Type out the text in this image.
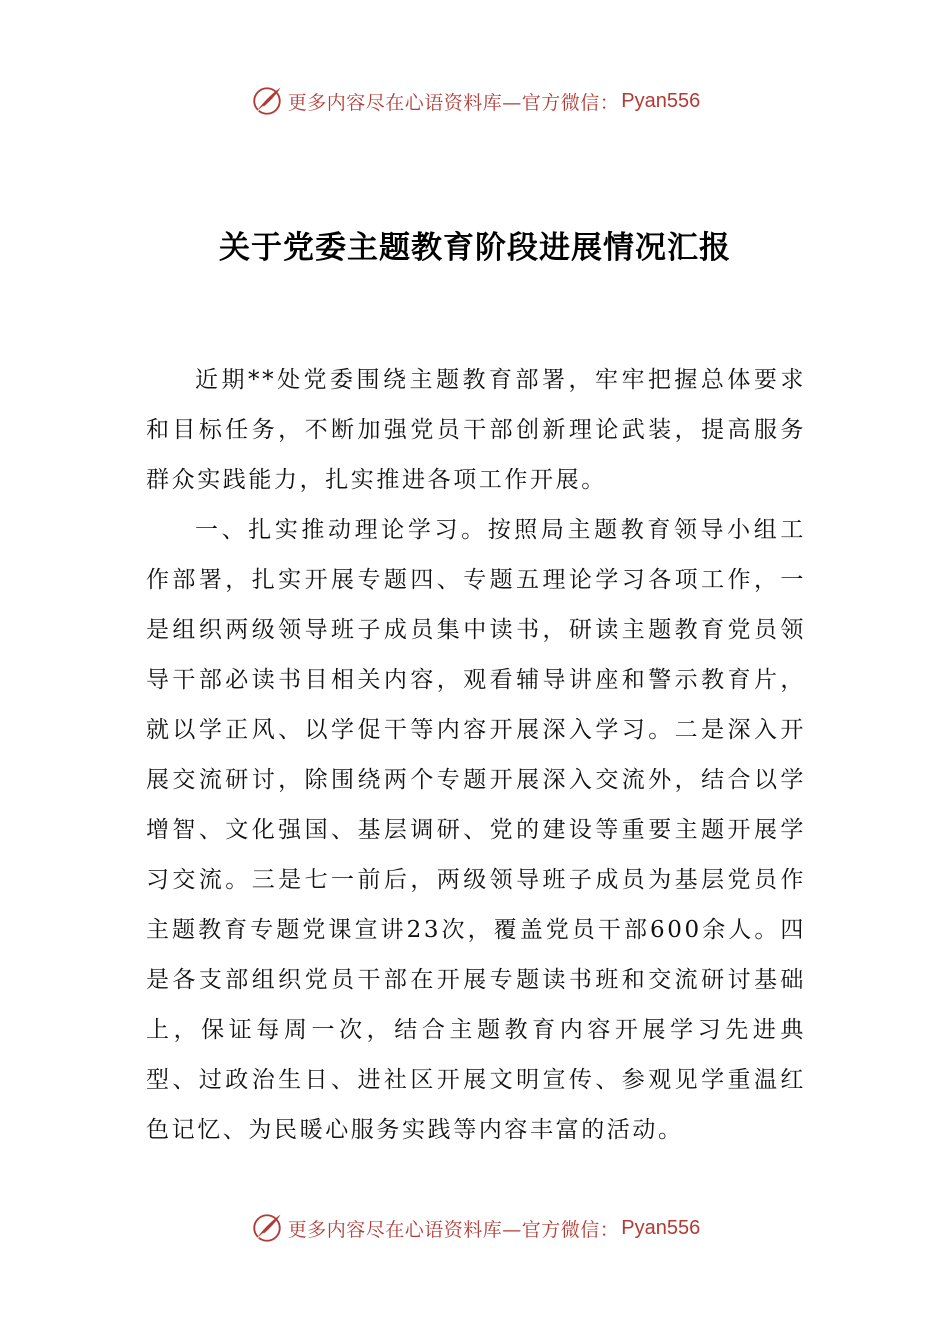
更多内容尽在心语资料库—官方微信： Pyan556
关于党委主题教育阶段进展情况汇报

近期**处党委围绕主题教育部署，牢牢把握总体要求和目标任务，不断加强党员干部创新理论武装，提高服务群众实践能力，扎实推进各项工作开展。

一、扎实推动理论学习。按照局主题教育领导小组工作部署，扎实开展专题四、专题五理论学习各项工作，一是组织两级领导班子成员集中读书，研读主题教育党员领导干部必读书目相关内容，观看辅导讲座和警示教育片，就以学正风、以学促干等内容开展深入学习。二是深入开展交流研讨，除围绕两个专题开展深入交流外，结合以学增智、文化强国、基层调研、党的建设等重要主题开展学习交流。三是七一前后，两级领导班子成员为基层党员作主题教育专题党课宣讲23次，覆盖党员干部600余人。四是各支部组织党员干部在开展专题读书班和交流研讨基础上，保证每周一次，结合主题教育内容开展学习先进典型、过政治生日、进社区开展文明宣传、参观见学重温红色记忆、为民暖心服务实践等内容丰富的活动。

更多内容尽在心语资料库—官方微信： Pyan556
